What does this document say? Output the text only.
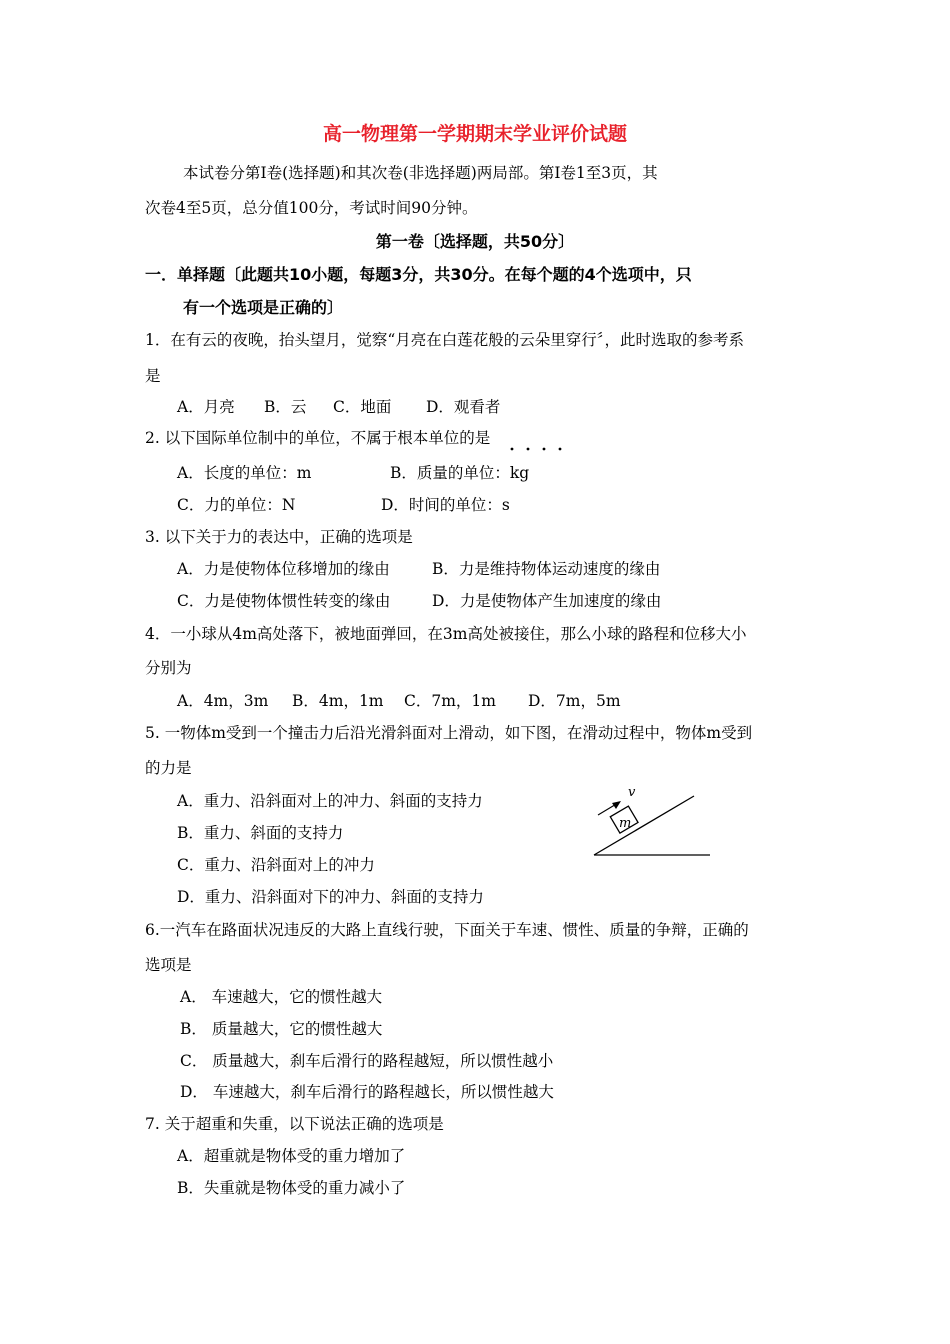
高一物理第一学期期末学业评价试题
本试卷分第Ⅰ卷(选择题)和其次卷(非选择题)两局部。第Ⅰ卷1至3页，其
次卷4至5页，总分值100分，考试时间90分钟。
第一卷〔选择题，共50分〕
一．单择题〔此题共10小题，每题3分，共30分。在每个题的4个选项中，只
有一个选项是正确的〕
1．在有云的夜晚，抬头望月，觉察“月亮在白莲花般的云朵里穿行〞，此时选取的参考系
是
A．月亮 B．云 C．地面 D．观看者
2. 以下国际单位制中的单位，不属于根本单位的是
A．长度的单位：m	B．质量的单位：kg
C．力的单位：N	D．时间的单位：s
3. 以下关于力的表达中，正确的选项是
A．力是使物体位移增加的缘由	B．力是维持物体运动速度的缘由
C．力是使物体惯性转变的缘由	D．力是使物体产生加速度的缘由
4．一小球从4m高处落下，被地面弹回，在3m高处被接住，那么小球的路程和位移大小
分别为
A．4m，3m B．4m，1m C．7m，1m D．7m，5m
5. 一物体m受到一个撞击力后沿光滑斜面对上滑动，如下图，在滑动过程中，物体m受到
的力是
A．重力、沿斜面对上的冲力、斜面的支持力
B．重力、斜面的支持力
C．重力、沿斜面对上的冲力
D．重力、沿斜面对下的冲力、斜面的支持力
m
v
6.一汽车在路面状况违反的大路上直线行驶，下面关于车速、惯性、质量的争辩，正确的
选项是
A． 车速越大，它的惯性越大
B． 质量越大，它的惯性越大
C． 质量越大，刹车后滑行的路程越短，所以惯性越小
D． 车速越大，刹车后滑行的路程越长，所以惯性越大
7. 关于超重和失重，以下说法正确的选项是
A．超重就是物体受的重力增加了
B．失重就是物体受的重力减小了
